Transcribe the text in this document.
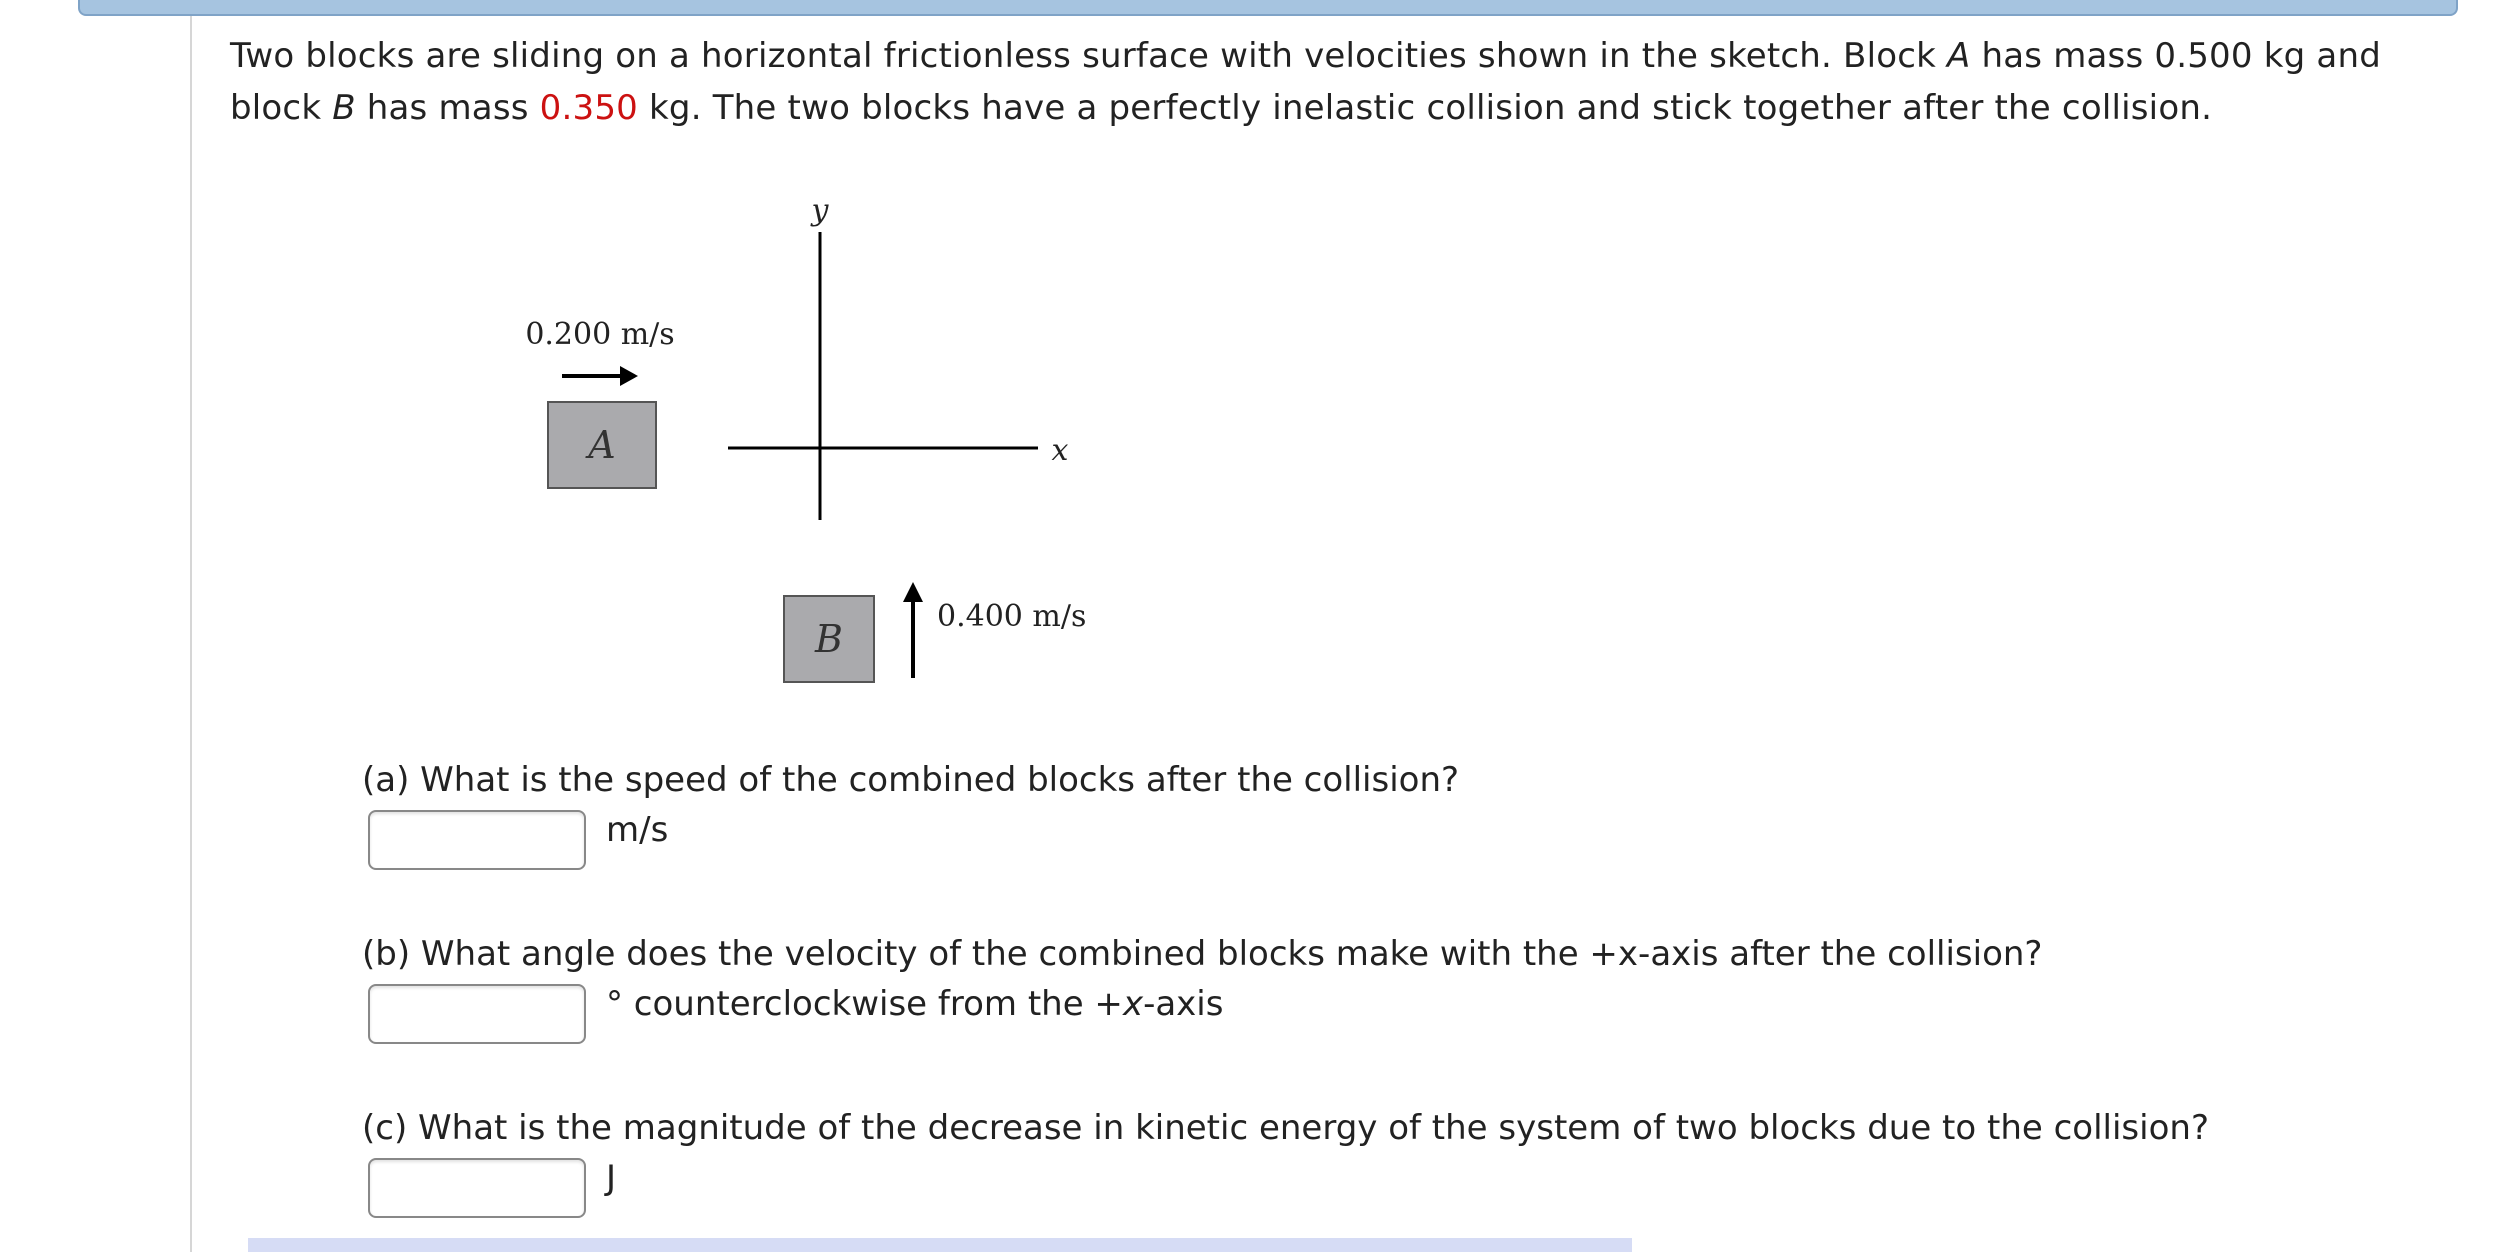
Two blocks are sliding on a horizontal frictionless surface with velocities shown in the sketch. Block A has mass 0.500 kg and block B has mass 0.350 kg. The two blocks have a perfectly inelastic collision and stick together after the collision.
y
x
0.200 m/s
A
B
0.400 m/s
(a) What is the speed of the combined blocks after the collision?
m/s
(b) What angle does the velocity of the combined blocks make with the +x-axis after the collision?
° counterclockwise from the +x-axis
(c) What is the magnitude of the decrease in kinetic energy of the system of two blocks due to the collision?
J
